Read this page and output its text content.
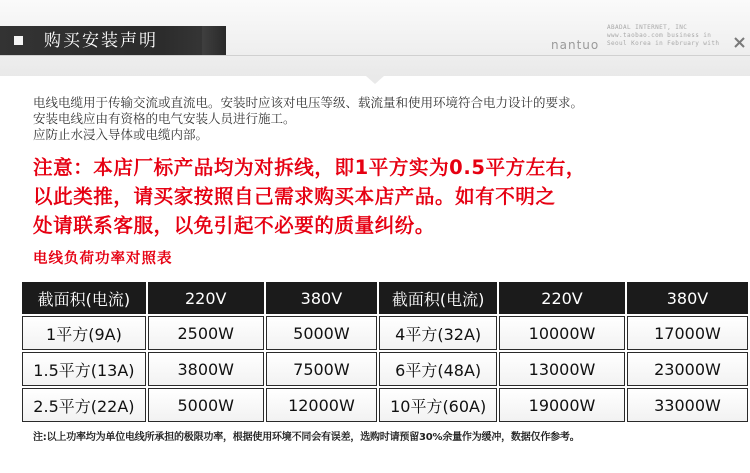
购买安装声明	nantuo
ABADAL INTERNET, INC
www.taobao.com business in
Seoul Korea in February with
电线电缆用于传输交流或直流电。安装时应该对电压等级、载流量和使用环境符合电力设计的要求。
安装电线应由有资格的电气安装人员进行施工。
应防止水浸入导体或电缆内部。
注意：本店厂标产品均为对拆线，即1平方实为0.5平方左右，
以此类推，请买家按照自己需求购买本店产品。如有不明之
处请联系客服，以免引起不必要的质量纠纷。
电线负荷功率对照表
截面积(电流)	220V	380V	截面积(电流)	220V	380V
1平方(9A)	2500W	5000W	4平方(32A)	10000W	17000W
1.5平方(13A)	3800W	7500W	6平方(48A)	13000W	23000W
2.5平方(22A)	5000W	12000W	10平方(60A)	19000W	33000W
注:以上功率均为单位电线所承担的极限功率，根据使用环境不同会有误差，选购时请预留30%余量作为缓冲，数据仅作参考。
